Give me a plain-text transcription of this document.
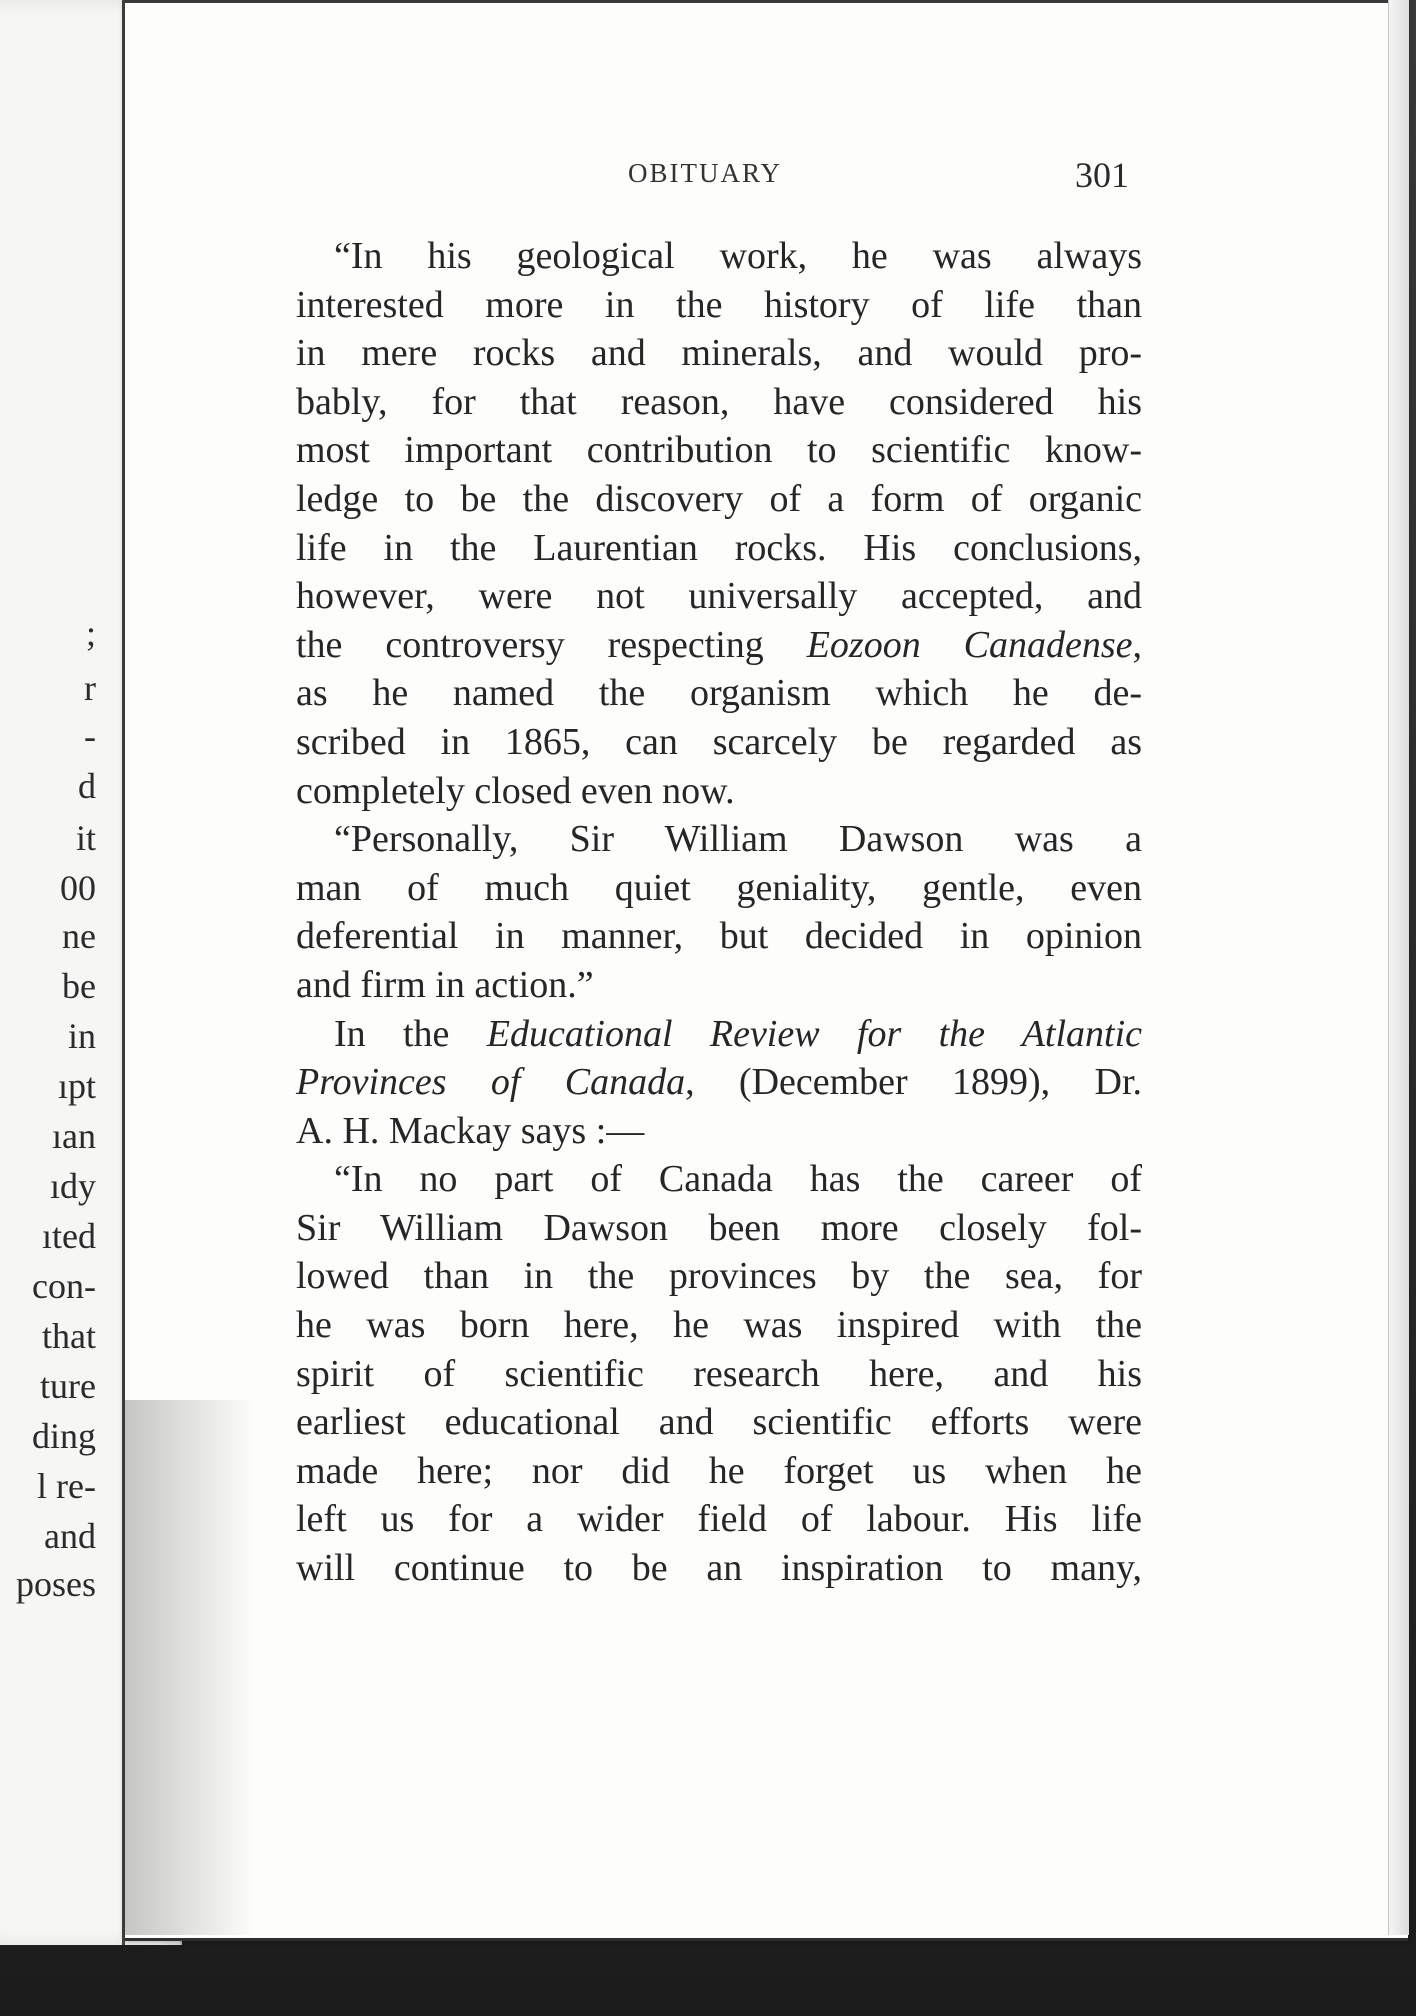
;
r
-
d
it
00
ne
be
in
ıpt
ıan
ıdy
ıted
con-
that
ture
ding
l re-
and
poses
OBITUARY	301
“In his geological work, he was always
interested more in the history of life than
in mere rocks and minerals, and would pro-
bably, for that reason, have considered his
most important contribution to scientific know-
ledge to be the discovery of a form of organic
life in the Laurentian rocks. His conclusions,
however, were not universally accepted, and
the controversy respecting Eozoon Canadense,
as he named the organism which he de-
scribed in 1865, can scarcely be regarded as
completely closed even now.
“Personally, Sir William Dawson was a
man of much quiet geniality, gentle, even
deferential in manner, but decided in opinion
and firm in action.”
In the Educational Review for the Atlantic
Provinces of Canada, (December 1899), Dr.
A. H. Mackay says :—
“In no part of Canada has the career of
Sir William Dawson been more closely fol-
lowed than in the provinces by the sea, for
he was born here, he was inspired with the
spirit of scientific research here, and his
earliest educational and scientific efforts were
made here; nor did he forget us when he
left us for a wider field of labour. His life
will continue to be an inspiration to many,
